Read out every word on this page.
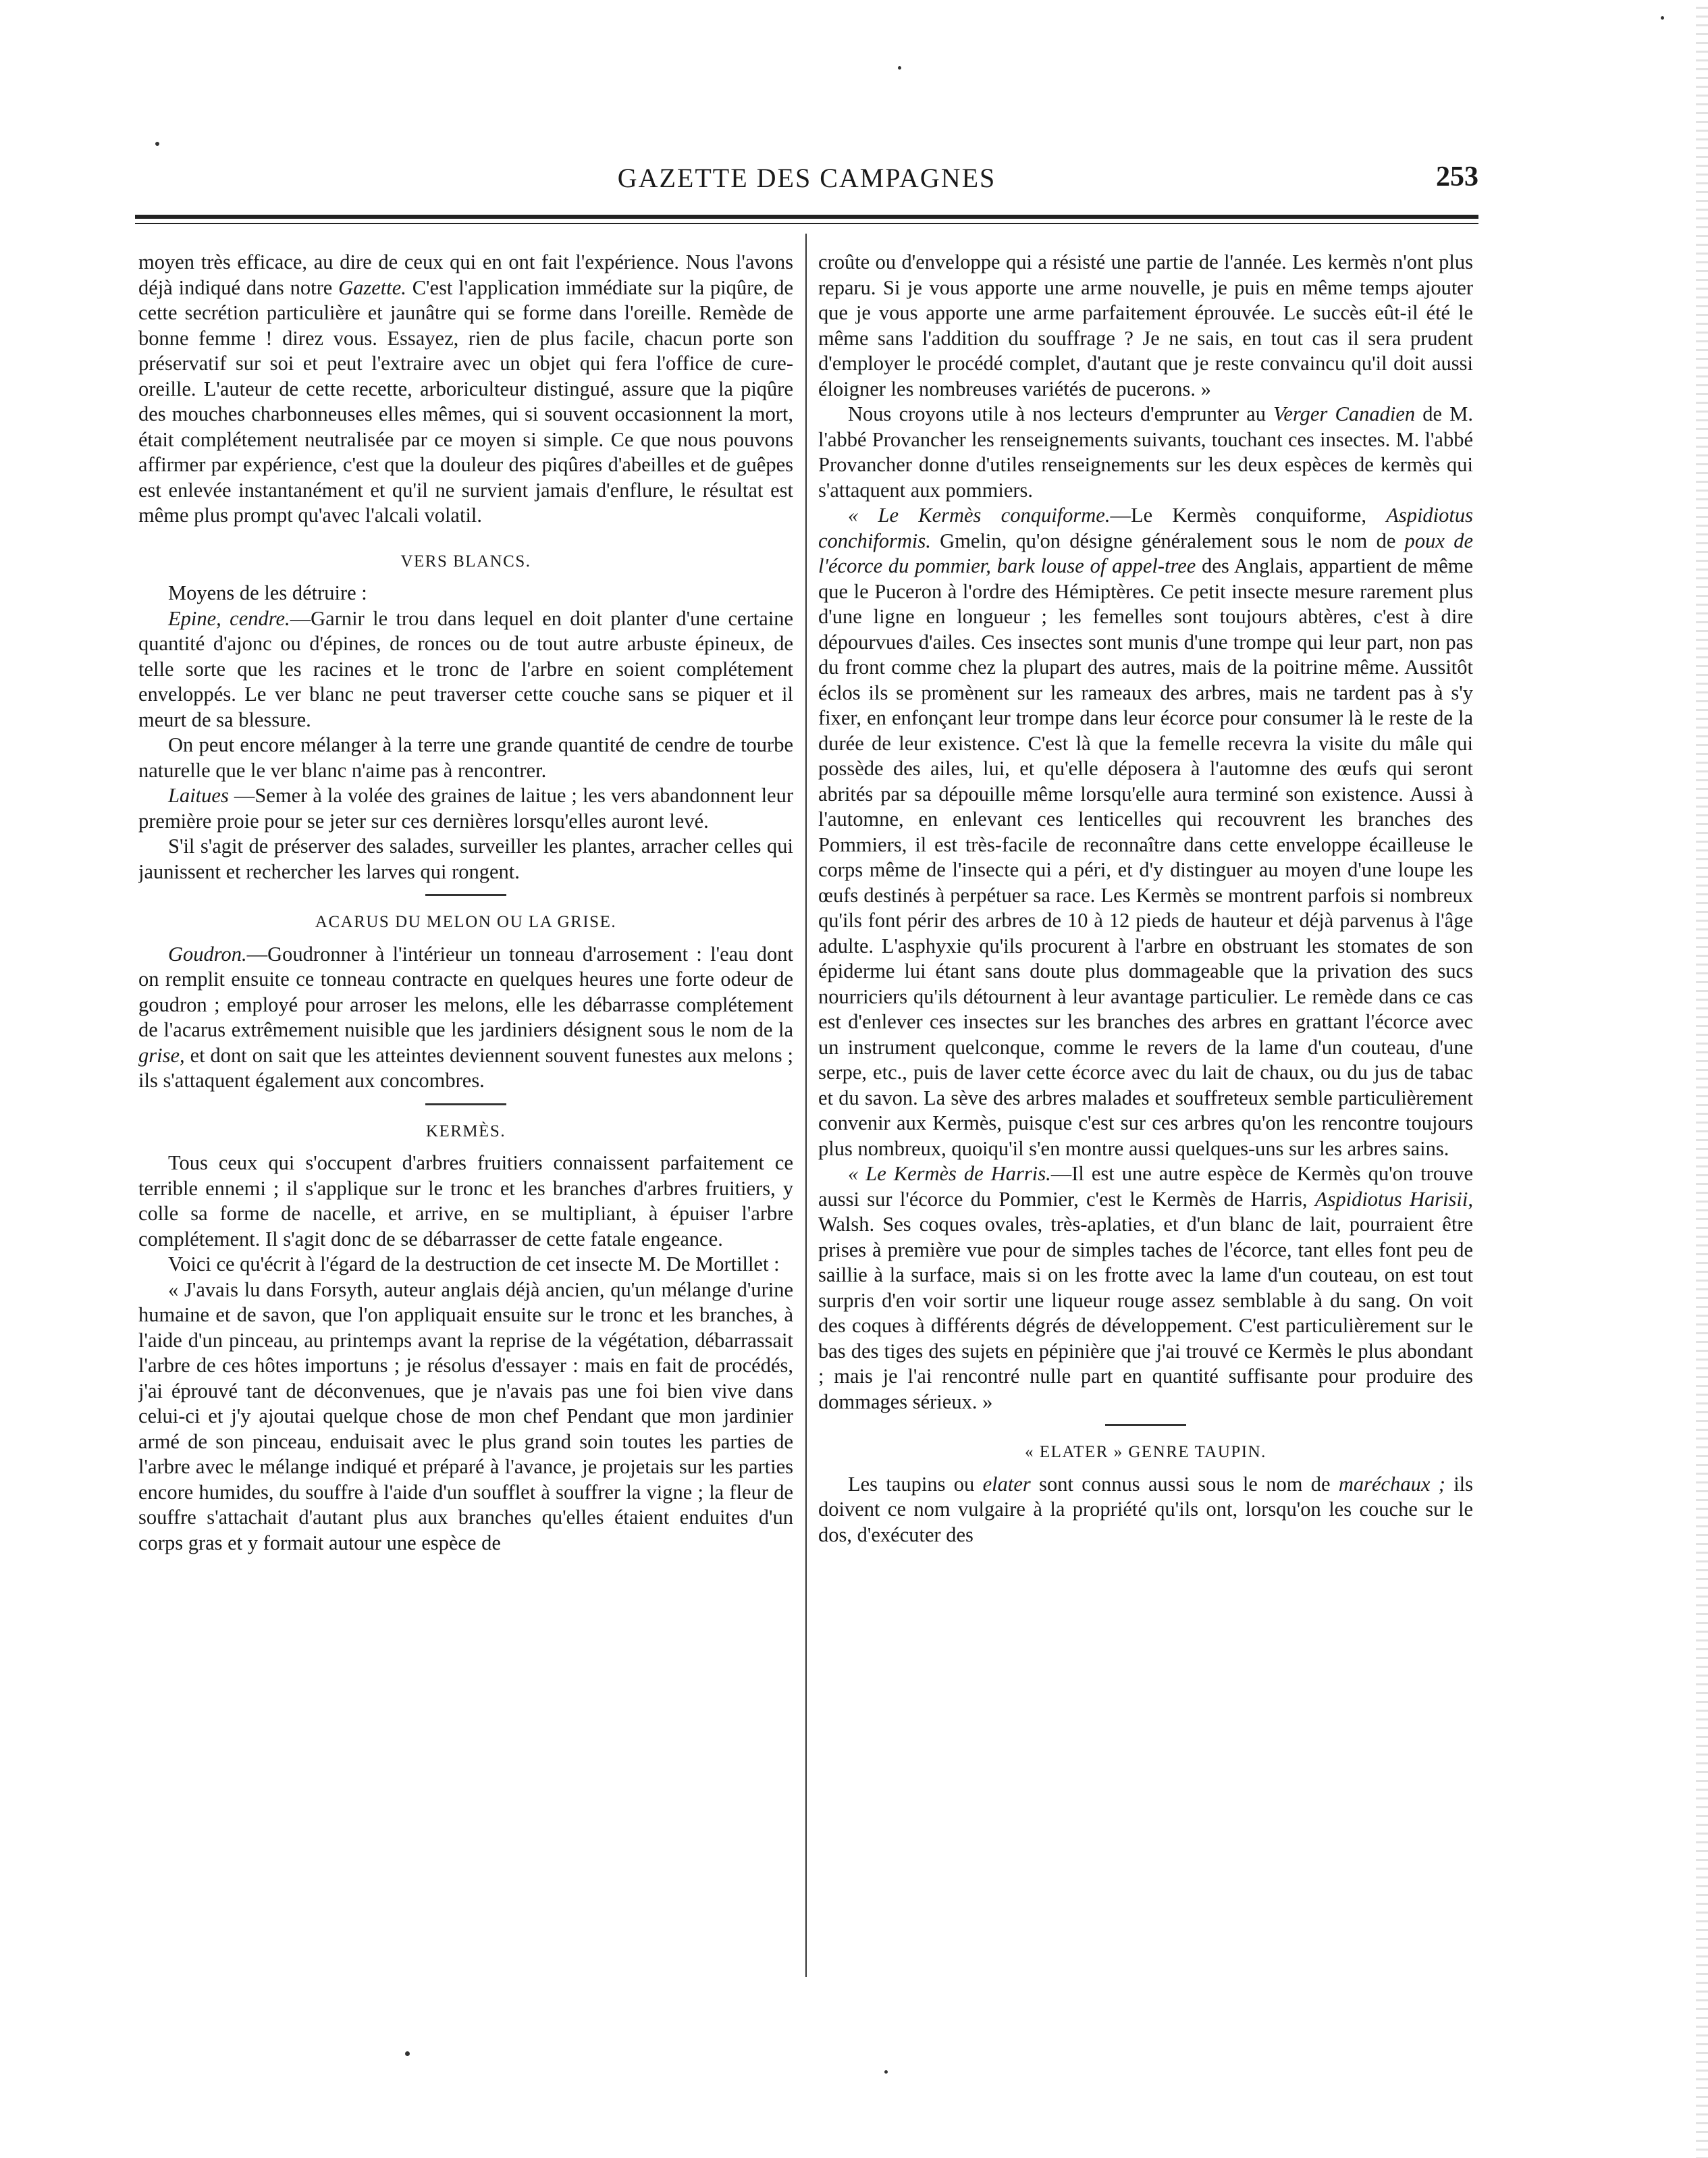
GAZETTE DES CAMPAGNES	253

moyen très efficace, au dire de ceux qui en ont fait l'expérience. Nous l'avons déjà indiqué dans notre Gazette. C'est l'application immédiate sur la piqûre, de cette secrétion particulière et jaunâtre qui se forme dans l'oreille. Remède de bonne femme ! direz vous. Essayez, rien de plus facile, chacun porte son préservatif sur soi et peut l'extraire avec un objet qui fera l'office de cure-oreille. L'auteur de cette recette, arboriculteur distingué, assure que la piqûre des mouches charbonneuses elles mêmes, qui si souvent occasionnent la mort, était complétement neutralisée par ce moyen si simple. Ce que nous pouvons affirmer par expérience, c'est que la douleur des piqûres d'abeilles et de guêpes est enlevée instantanément et qu'il ne survient jamais d'enflure, le résultat est même plus prompt qu'avec l'alcali volatil.

VERS BLANCS.

Moyens de les détruire :

Epine, cendre.—Garnir le trou dans lequel en doit planter d'une certaine quantité d'ajonc ou d'épines, de ronces ou de tout autre arbuste épineux, de telle sorte que les racines et le tronc de l'arbre en soient complétement enveloppés. Le ver blanc ne peut traverser cette couche sans se piquer et il meurt de sa blessure.

On peut encore mélanger à la terre une grande quantité de cendre de tourbe naturelle que le ver blanc n'aime pas à rencontrer.

Laitues —Semer à la volée des graines de laitue ; les vers abandonnent leur première proie pour se jeter sur ces dernières lorsqu'elles auront levé.

S'il s'agit de préserver des salades, surveiller les plantes, arracher celles qui jaunissent et rechercher les larves qui rongent.

ACARUS DU MELON OU LA GRISE.

Goudron.—Goudronner à l'intérieur un tonneau d'arrosement : l'eau dont on remplit ensuite ce tonneau contracte en quelques heures une forte odeur de goudron ; employé pour arroser les melons, elle les débarrasse complétement de l'acarus extrêmement nuisible que les jardiniers désignent sous le nom de la grise, et dont on sait que les atteintes deviennent souvent funestes aux melons ; ils s'attaquent également aux concombres.

KERMÈS.

Tous ceux qui s'occupent d'arbres fruitiers connaissent parfaitement ce terrible ennemi ; il s'applique sur le tronc et les branches d'arbres fruitiers, y colle sa forme de nacelle, et arrive, en se multipliant, à épuiser l'arbre complétement. Il s'agit donc de se débarrasser de cette fatale engeance.

Voici ce qu'écrit à l'égard de la destruction de cet insecte M. De Mortillet :

« J'avais lu dans Forsyth, auteur anglais déjà ancien, qu'un mélange d'urine humaine et de savon, que l'on appliquait ensuite sur le tronc et les branches, à l'aide d'un pinceau, au printemps avant la reprise de la végétation, débarrassait l'arbre de ces hôtes importuns ; je résolus d'essayer : mais en fait de procédés, j'ai éprouvé tant de déconvenues, que je n'avais pas une foi bien vive dans celui-ci et j'y ajoutai quelque chose de mon chef Pendant que mon jardinier armé de son pinceau, enduisait avec le plus grand soin toutes les parties de l'arbre avec le mélange indiqué et préparé à l'avance, je projetais sur les parties encore humides, du souffre à l'aide d'un soufflet à souffrer la vigne ; la fleur de souffre s'attachait d'autant plus aux branches qu'elles étaient enduites d'un corps gras et y formait autour une espèce de

croûte ou d'enveloppe qui a résisté une partie de l'année. Les kermès n'ont plus reparu. Si je vous apporte une arme nouvelle, je puis en même temps ajouter que je vous apporte une arme parfaitement éprouvée. Le succès eût-il été le même sans l'addition du souffrage ? Je ne sais, en tout cas il sera prudent d'employer le procédé complet, d'autant que je reste convaincu qu'il doit aussi éloigner les nombreuses variétés de pucerons. »

Nous croyons utile à nos lecteurs d'emprunter au Verger Canadien de M. l'abbé Provancher les renseignements suivants, touchant ces insectes. M. l'abbé Provancher donne d'utiles renseignements sur les deux espèces de kermès qui s'attaquent aux pommiers.

« Le Kermès conquiforme.—Le Kermès conquiforme, Aspidiotus conchiformis. Gmelin, qu'on désigne généralement sous le nom de poux de l'écorce du pommier, bark louse of appel-tree des Anglais, appartient de même que le Puceron à l'ordre des Hémiptères. Ce petit insecte mesure rarement plus d'une ligne en longueur ; les femelles sont toujours abtères, c'est à dire dépourvues d'ailes. Ces insectes sont munis d'une trompe qui leur part, non pas du front comme chez la plupart des autres, mais de la poitrine même. Aussitôt éclos ils se promènent sur les rameaux des arbres, mais ne tardent pas à s'y fixer, en enfonçant leur trompe dans leur écorce pour consumer là le reste de la durée de leur existence. C'est là que la femelle recevra la visite du mâle qui possède des ailes, lui, et qu'elle déposera à l'automne des œufs qui seront abrités par sa dépouille même lorsqu'elle aura terminé son existence. Aussi à l'automne, en enlevant ces lenticelles qui recouvrent les branches des Pommiers, il est très-facile de reconnaître dans cette enveloppe écailleuse le corps même de l'insecte qui a péri, et d'y distinguer au moyen d'une loupe les œufs destinés à perpétuer sa race. Les Kermès se montrent parfois si nombreux qu'ils font périr des arbres de 10 à 12 pieds de hauteur et déjà parvenus à l'âge adulte. L'asphyxie qu'ils procurent à l'arbre en obstruant les stomates de son épiderme lui étant sans doute plus dommageable que la privation des sucs nourriciers qu'ils détournent à leur avantage particulier. Le remède dans ce cas est d'enlever ces insectes sur les branches des arbres en grattant l'écorce avec un instrument quelconque, comme le revers de la lame d'un couteau, d'une serpe, etc., puis de laver cette écorce avec du lait de chaux, ou du jus de tabac et du savon. La sève des arbres malades et souffreteux semble particulièrement convenir aux Kermès, puisque c'est sur ces arbres qu'on les rencontre toujours plus nombreux, quoiqu'il s'en montre aussi quelques-uns sur les arbres sains.

« Le Kermès de Harris.—Il est une autre espèce de Kermès qu'on trouve aussi sur l'écorce du Pommier, c'est le Kermès de Harris, Aspidiotus Harisii, Walsh. Ses coques ovales, très-aplaties, et d'un blanc de lait, pourraient être prises à première vue pour de simples taches de l'écorce, tant elles font peu de saillie à la surface, mais si on les frotte avec la lame d'un couteau, on est tout surpris d'en voir sortir une liqueur rouge assez semblable à du sang. On voit des coques à différents dégrés de développement. C'est particulièrement sur le bas des tiges des sujets en pépinière que j'ai trouvé ce Kermès le plus abondant ; mais je l'ai rencontré nulle part en quantité suffisante pour produire des dommages sérieux. »

« ELATER » GENRE TAUPIN.

Les taupins ou elater sont connus aussi sous le nom de maréchaux ; ils doivent ce nom vulgaire à la propriété qu'ils ont, lorsqu'on les couche sur le dos, d'exécuter des
